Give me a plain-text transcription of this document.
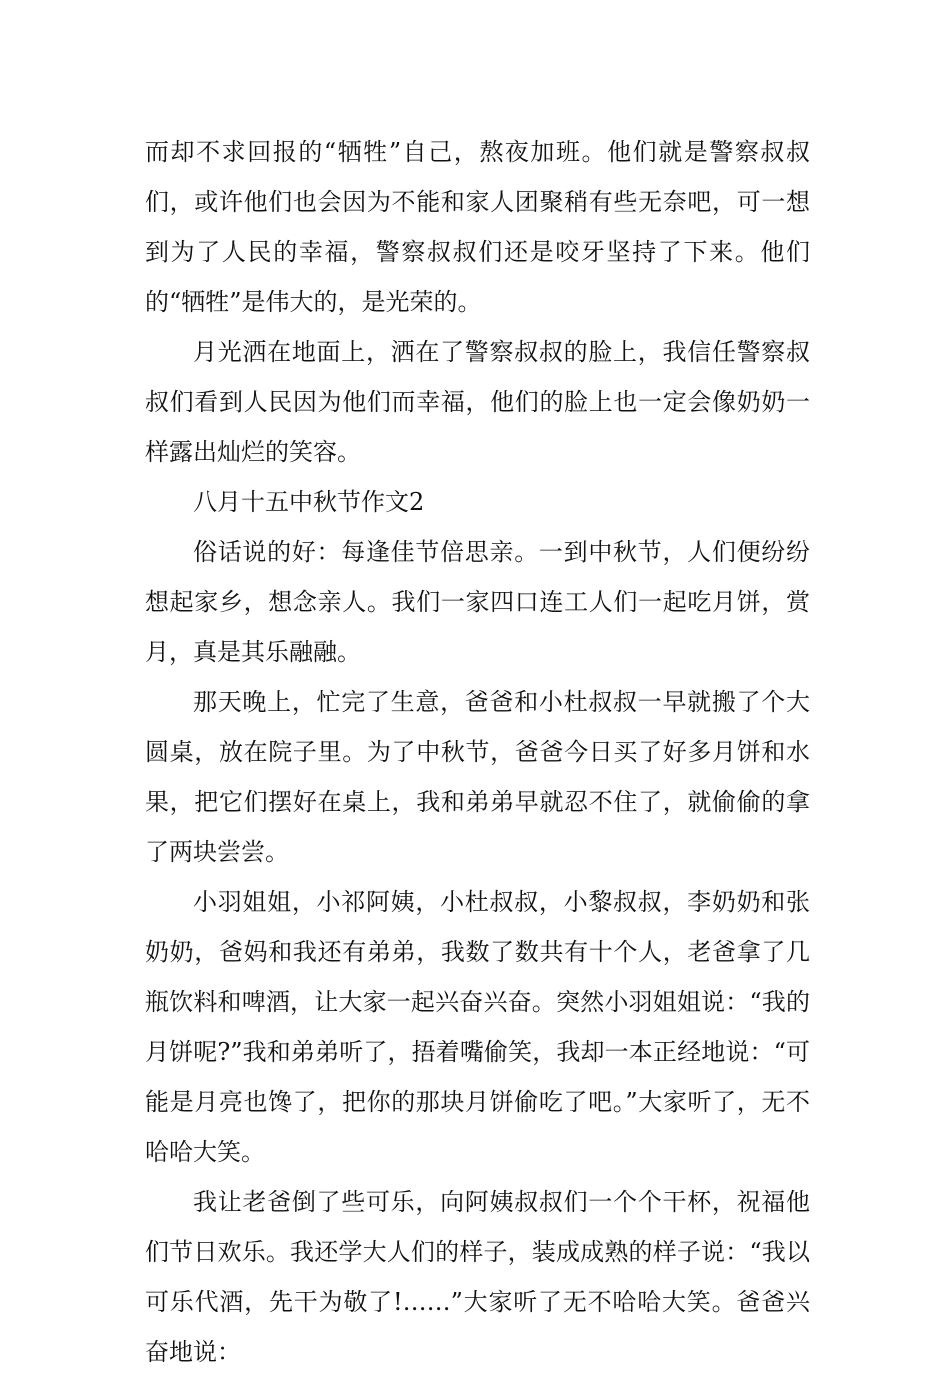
而却不求回报的“牺牲”自己，熬夜加班。他们就是警察叔叔们，或许他们也会因为不能和家人团聚稍有些无奈吧，可一想到为了人民的幸福，警察叔叔们还是咬牙坚持了下来。他们的“牺牲”是伟大的，是光荣的。

月光洒在地面上，洒在了警察叔叔的脸上，我信任警察叔叔们看到人民因为他们而幸福，他们的脸上也一定会像奶奶一样露出灿烂的笑容。

八月十五中秋节作文2

俗话说的好：每逢佳节倍思亲。一到中秋节，人们便纷纷想起家乡，想念亲人。我们一家四口连工人们一起吃月饼，赏月，真是其乐融融。

那天晚上，忙完了生意，爸爸和小杜叔叔一早就搬了个大圆桌，放在院子里。为了中秋节，爸爸今日买了好多月饼和水果，把它们摆好在桌上，我和弟弟早就忍不住了，就偷偷的拿了两块尝尝。

小羽姐姐，小祁阿姨，小杜叔叔，小黎叔叔，李奶奶和张奶奶，爸妈和我还有弟弟，我数了数共有十个人，老爸拿了几瓶饮料和啤酒，让大家一起兴奋兴奋。突然小羽姐姐说：“我的月饼呢?”我和弟弟听了，捂着嘴偷笑，我却一本正经地说：“可能是月亮也馋了，把你的那块月饼偷吃了吧。”大家听了，无不哈哈大笑。

我让老爸倒了些可乐，向阿姨叔叔们一个个干杯，祝福他们节日欢乐。我还学大人们的样子，装成成熟的样子说：“我以可乐代酒，先干为敬了!……”大家听了无不哈哈大笑。爸爸兴奋地说：
